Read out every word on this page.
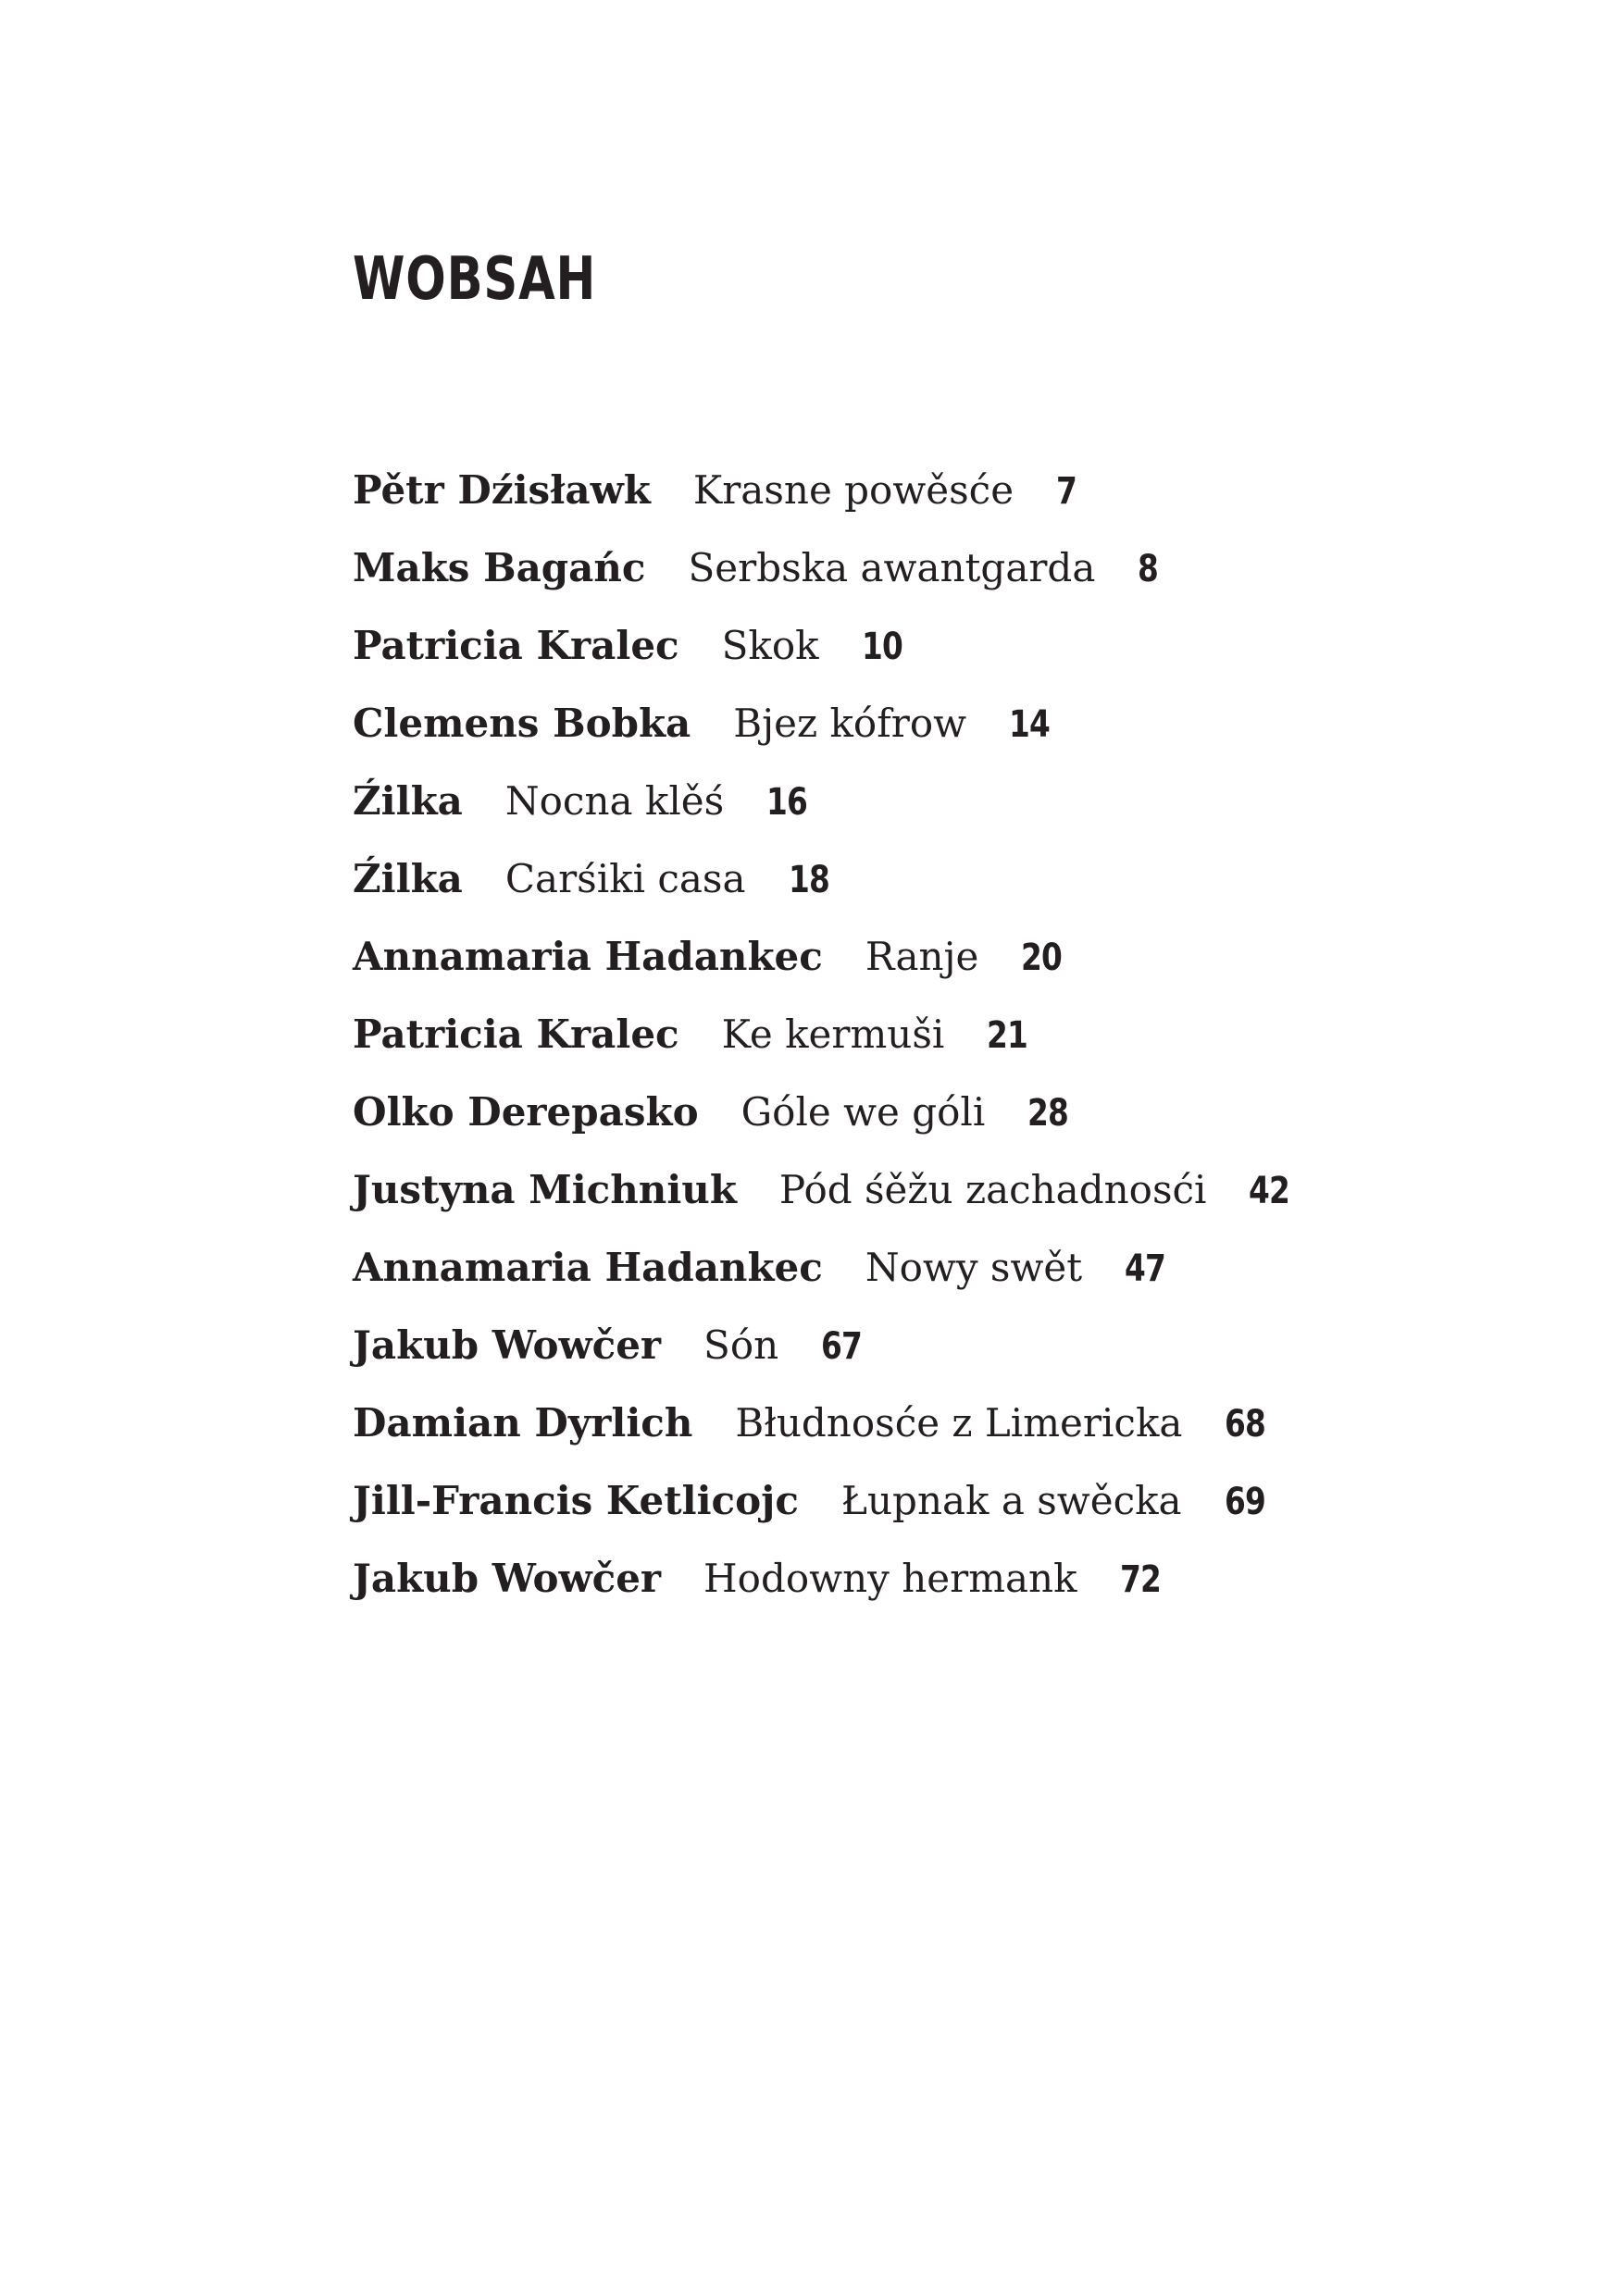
WOBSAH
Pětr Dźisławk Krasne powěsće 7
Maks Bagańc Serbska awantgarda 8
Patricia Kralec Skok 10
Clemens Bobka Bjez kófrow 14
Źilka Nocna klěś 16
Źilka Carśiki casa 18
Annamaria Hadankec Ranje 20
Patricia Kralec Ke kermuši 21
Olko Derepasko Góle we góli 28
Justyna Michniuk Pód śěžu zachadnosći 42
Annamaria Hadankec Nowy swět 47
Jakub Wowčer Són 67
Damian Dyrlich Błudnosće z Limericka 68
Jill-Francis Ketlicojc Łupnak a swěcka 69
Jakub Wowčer Hodowny hermank 72
